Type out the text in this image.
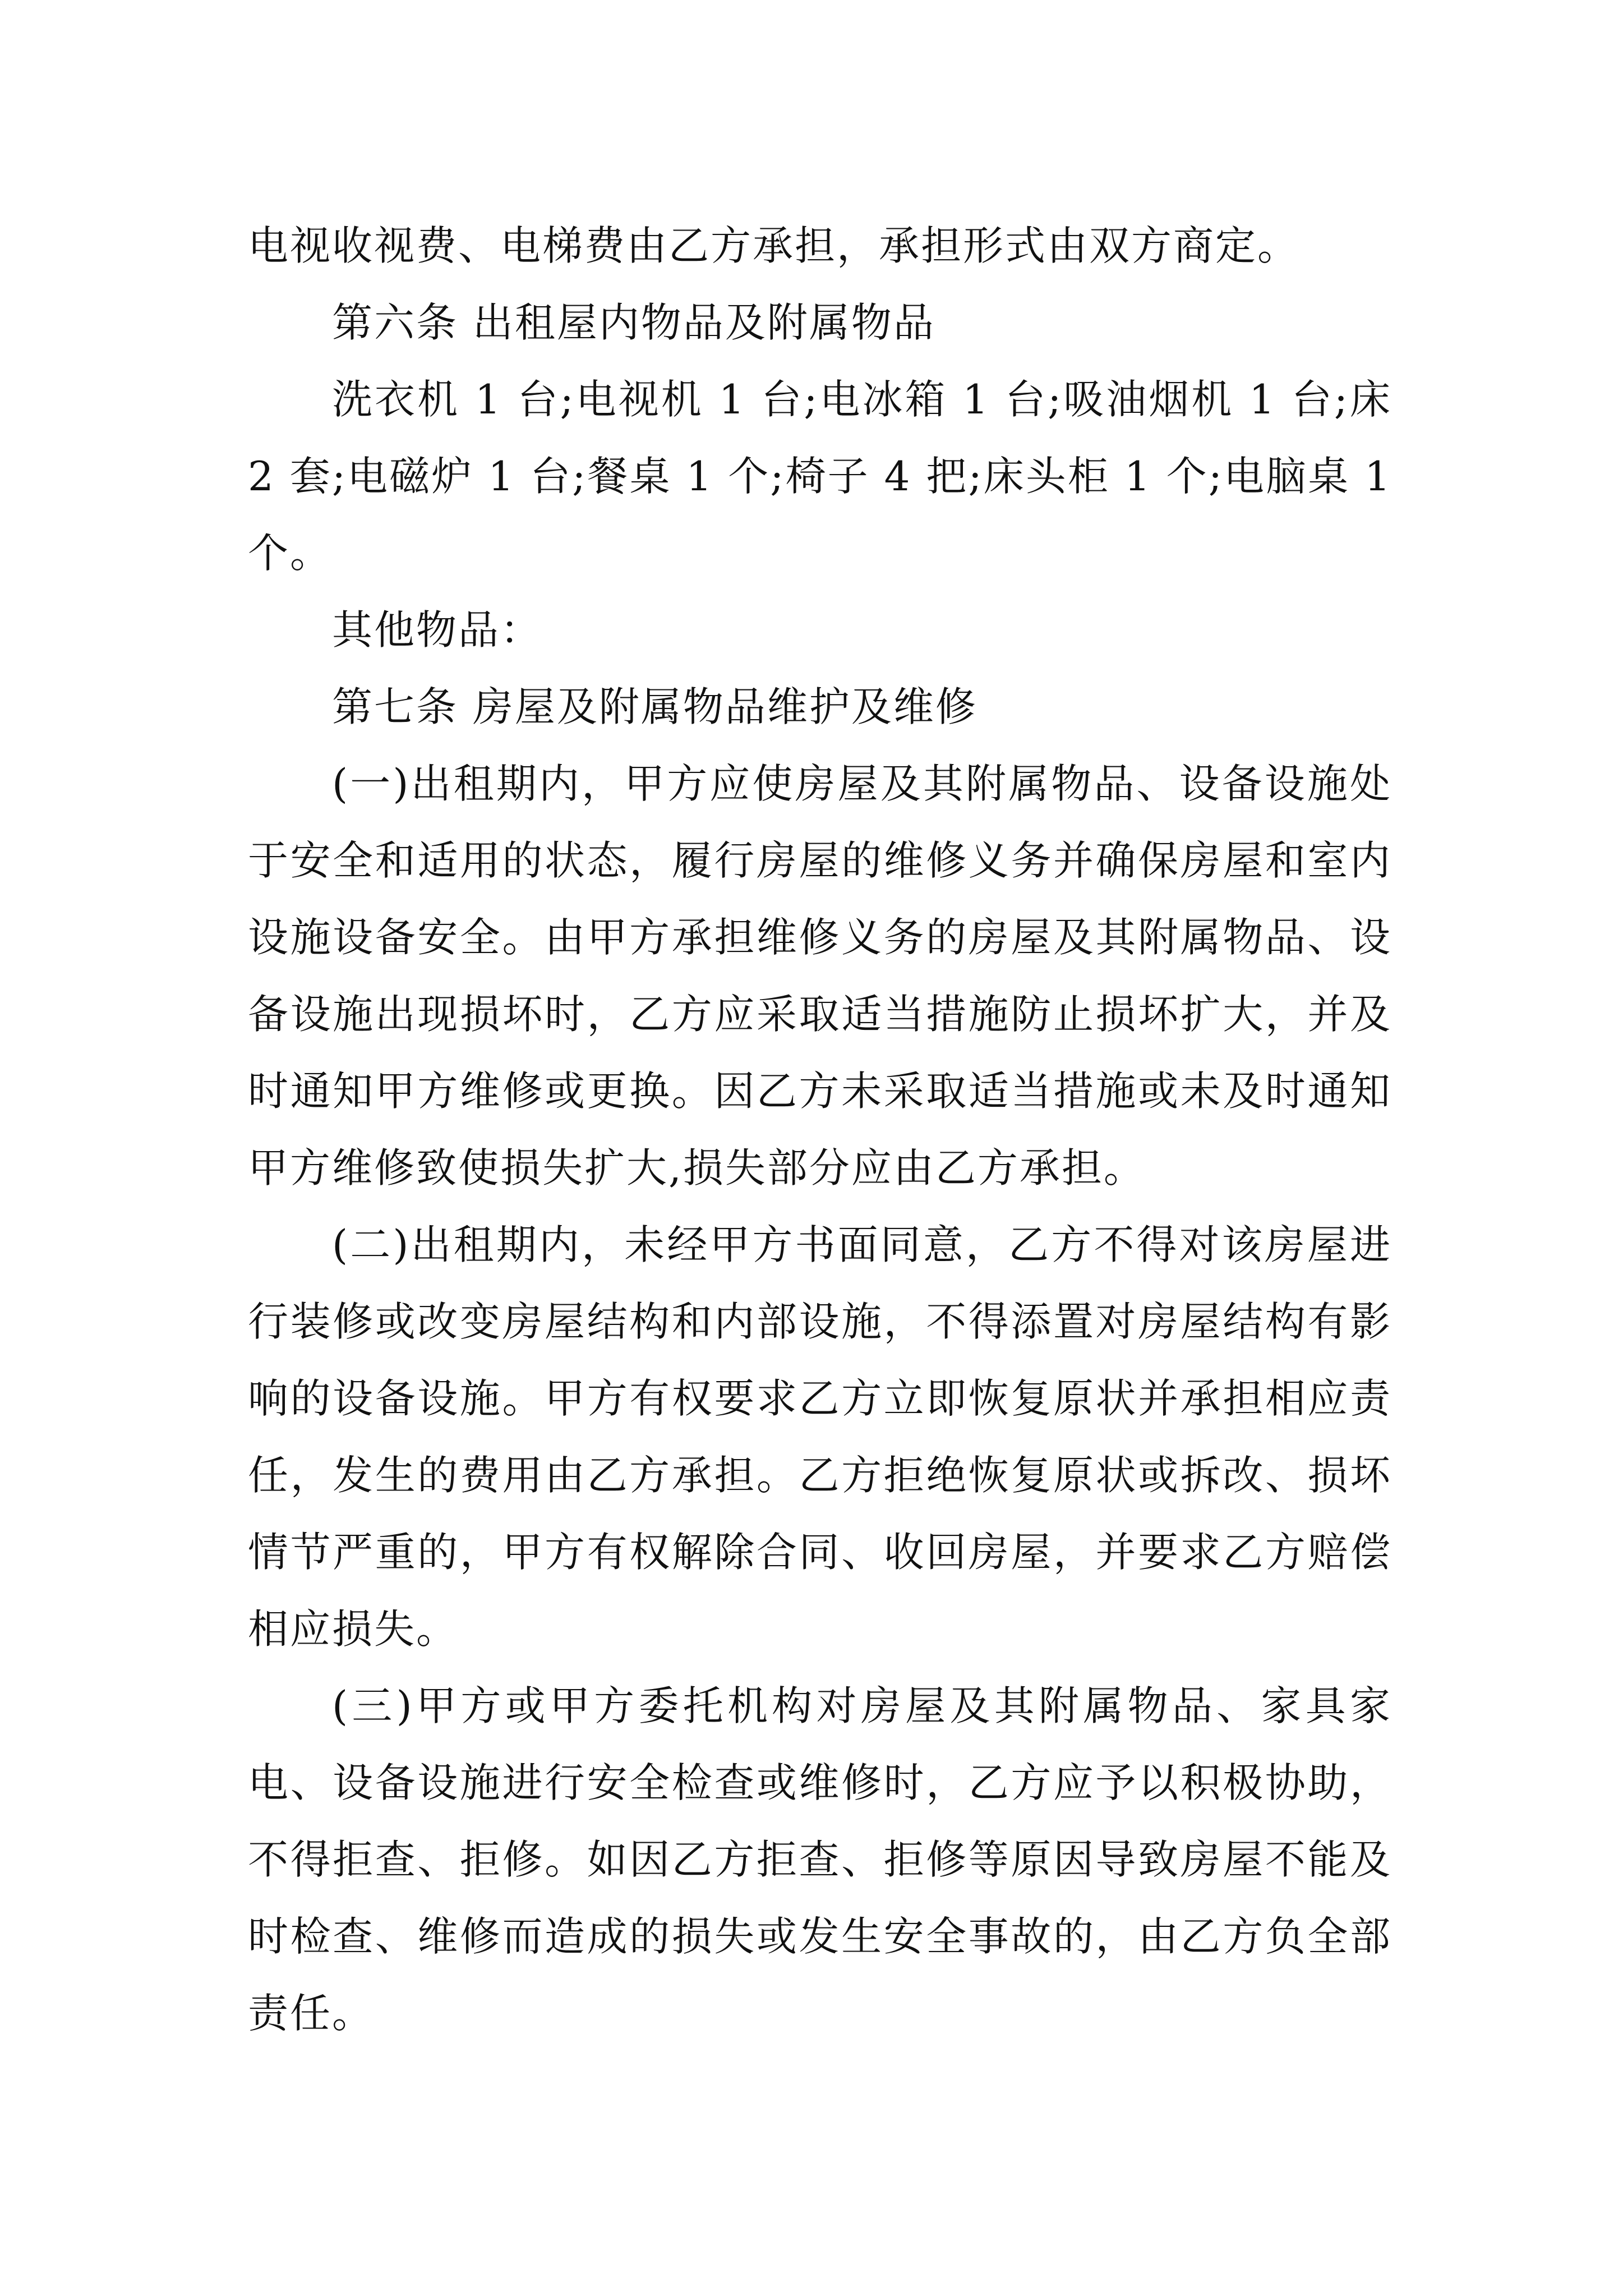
电视收视费、电梯费由乙方承担，承担形式由双方商定。

第六条 出租屋内物品及附属物品

洗衣机 1 台;电视机 1 台;电冰箱 1 台;吸油烟机 1 台;床 2 套;电磁炉 1 台;餐桌 1 个;椅子 4 把;床头柜 1 个;电脑桌 1 个。

其他物品：

第七条 房屋及附属物品维护及维修

(一)出租期内，甲方应使房屋及其附属物品、设备设施处于安全和适用的状态，履行房屋的维修义务并确保房屋和室内设施设备安全。由甲方承担维修义务的房屋及其附属物品、设备设施出现损坏时，乙方应采取适当措施防止损坏扩大，并及时通知甲方维修或更换。因乙方未采取适当措施或未及时通知甲方维修致使损失扩大,损失部分应由乙方承担。

(二)出租期内，未经甲方书面同意，乙方不得对该房屋进行装修或改变房屋结构和内部设施，不得添置对房屋结构有影响的设备设施。甲方有权要求乙方立即恢复原状并承担相应责任，发生的费用由乙方承担。乙方拒绝恢复原状或拆改、损坏情节严重的，甲方有权解除合同、收回房屋，并要求乙方赔偿相应损失。

(三)甲方或甲方委托机构对房屋及其附属物品、家具家电、设备设施进行安全检查或维修时，乙方应予以积极协助，不得拒查、拒修。如因乙方拒查、拒修等原因导致房屋不能及时检查、维修而造成的损失或发生安全事故的，由乙方负全部责任。
